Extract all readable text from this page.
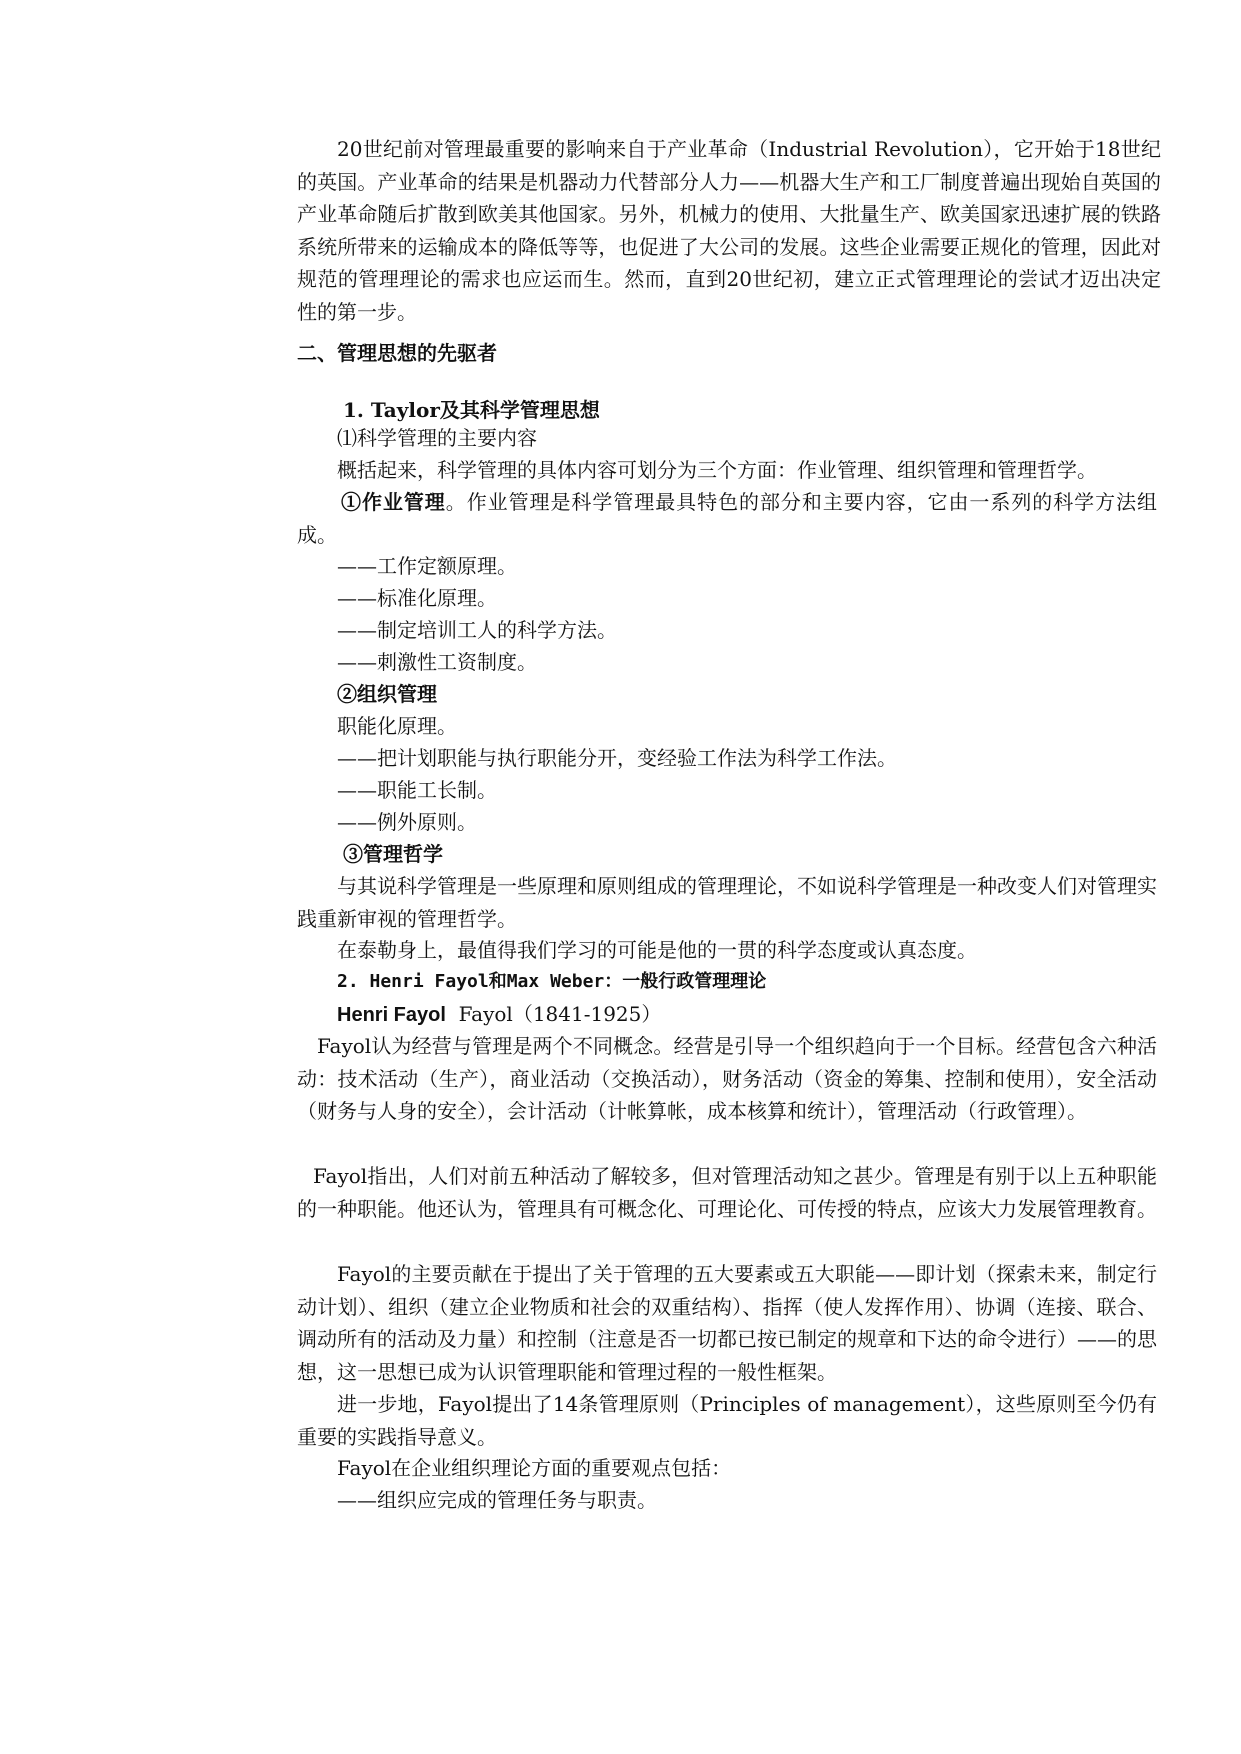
20世纪前对管理最重要的影响来自于产业革命（Industrial Revolution），它开始于18世纪的英国。产业革命的结果是机器动力代替部分人力——机器大生产和工厂制度普遍出现始自英国的产业革命随后扩散到欧美其他国家。另外，机械力的使用、大批量生产、欧美国家迅速扩展的铁路系统所带来的运输成本的降低等等，也促进了大公司的发展。这些企业需要正规化的管理，因此对规范的管理理论的需求也应运而生。然而，直到20世纪初，建立正式管理理论的尝试才迈出决定性的第一步。

二、管理思想的先驱者
1. Taylor及其科学管理思想
⑴科学管理的主要内容
概括起来，科学管理的具体内容可划分为三个方面：作业管理、组织管理和管理哲学。

①作业管理。作业管理是科学管理最具特色的部分和主要内容，它由一系列的科学方法组成。

——工作定额原理。
——标准化原理。
——制定培训工人的科学方法。
——刺激性工资制度。
②组织管理
职能化原理。
——把计划职能与执行职能分开，变经验工作法为科学工作法。
——职能工长制。
——例外原则。
③管理哲学

与其说科学管理是一些原理和原则组成的管理理论，不如说科学管理是一种改变人们对管理实践重新审视的管理哲学。

在泰勒身上，最值得我们学习的可能是他的一贯的科学态度或认真态度。
2. Henri Fayol和Max Weber：一般行政管理理论
Henri Fayol Fayol（1841-1925）

Fayol认为经营与管理是两个不同概念。经营是引导一个组织趋向于一个目标。经营包含六种活动：技术活动（生产），商业活动（交换活动），财务活动（资金的筹集、控制和使用），安全活动（财务与人身的安全），会计活动（计帐算帐，成本核算和统计），管理活动（行政管理）。

Fayol指出，人们对前五种活动了解较多，但对管理活动知之甚少。管理是有别于以上五种职能的一种职能。他还认为，管理具有可概念化、可理论化、可传授的特点，应该大力发展管理教育。

Fayol的主要贡献在于提出了关于管理的五大要素或五大职能——即计划（探索未来，制定行动计划）、组织（建立企业物质和社会的双重结构）、指挥（使人发挥作用）、协调（连接、联合、调动所有的活动及力量）和控制（注意是否一切都已按已制定的规章和下达的命令进行）——的思想，这一思想已成为认识管理职能和管理过程的一般性框架。

进一步地，Fayol提出了14条管理原则（Principles of management），这些原则至今仍有重要的实践指导意义。

Fayol在企业组织理论方面的重要观点包括：
——组织应完成的管理任务与职责。
